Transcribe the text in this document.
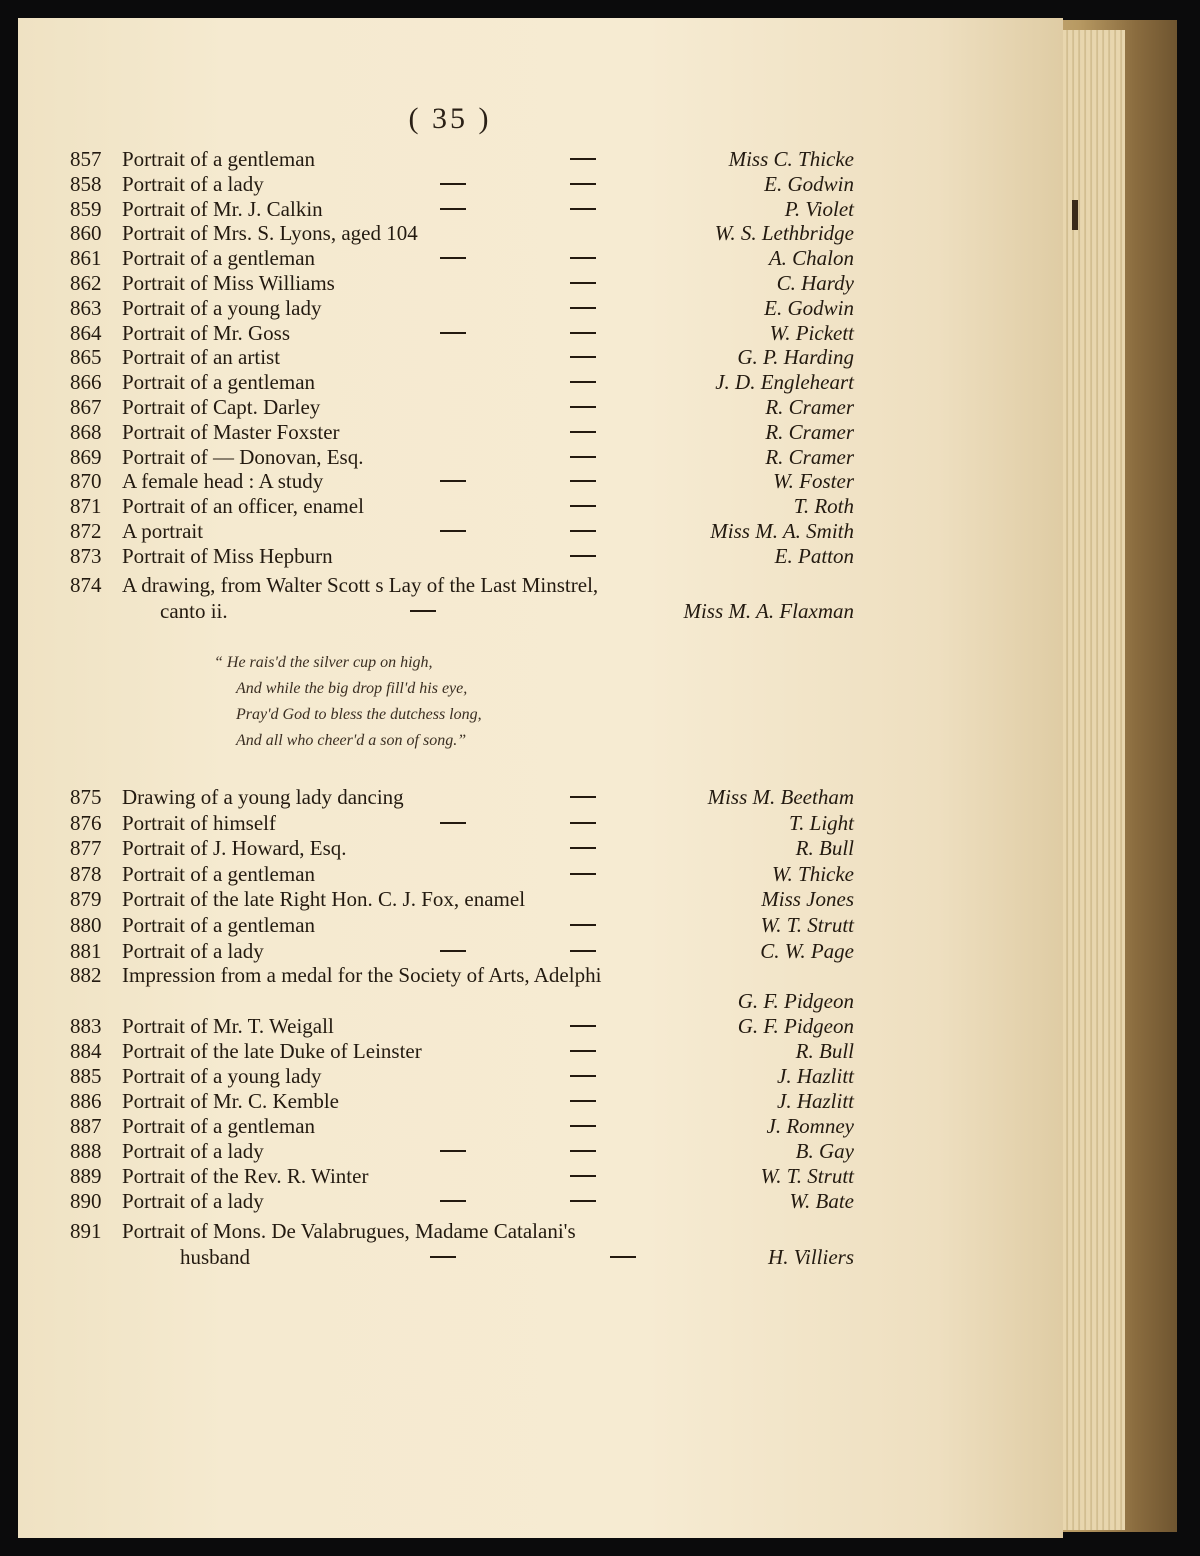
( 35 )
857 Portrait of a gentleman	Miss C. Thicke
858 Portrait of a lady	E. Godwin
859 Portrait of Mr. J. Calkin	P. Violet
860 Portrait of Mrs. S. Lyons, aged 104	W. S. Lethbridge
861 Portrait of a gentleman	A. Chalon
862 Portrait of Miss Williams	C. Hardy
863 Portrait of a young lady	E. Godwin
864 Portrait of Mr. Goss	W. Pickett
865 Portrait of an artist	G. P. Harding
866 Portrait of a gentleman	J. D. Engleheart
867 Portrait of Capt. Darley	R. Cramer
868 Portrait of Master Foxster	R. Cramer
869 Portrait of — Donovan, Esq.	R. Cramer
870 A female head : A study	W. Foster
871 Portrait of an officer, enamel	T. Roth
872 A portrait	Miss M. A. Smith
873 Portrait of Miss Hepburn	E. Patton
874 A drawing, from Walter Scott s Lay of the Last Minstrel,
canto ii.	Miss M. A. Flaxman
“ He rais'd the silver cup on high,
And while the big drop fill'd his eye,
Pray'd God to bless the dutchess long,
And all who cheer'd a son of song.”
875 Drawing of a young lady dancing	Miss M. Beetham
876 Portrait of himself	T. Light
877 Portrait of J. Howard, Esq.	R. Bull
878 Portrait of a gentleman	W. Thicke
879 Portrait of the late Right Hon. C. J. Fox, enamel	Miss Jones
880 Portrait of a gentleman	W. T. Strutt
881 Portrait of a lady	C. W. Page
882 Impression from a medal for the Society of Arts, Adelphi
G. F. Pidgeon
883 Portrait of Mr. T. Weigall	G. F. Pidgeon
884 Portrait of the late Duke of Leinster	R. Bull
885 Portrait of a young lady	J. Hazlitt
886 Portrait of Mr. C. Kemble	J. Hazlitt
887 Portrait of a gentleman	J. Romney
888 Portrait of a lady	B. Gay
889 Portrait of the Rev. R. Winter	W. T. Strutt
890 Portrait of a lady	W. Bate
891 Portrait of Mons. De Valabrugues, Madame Catalani's
husband	H. Villiers
